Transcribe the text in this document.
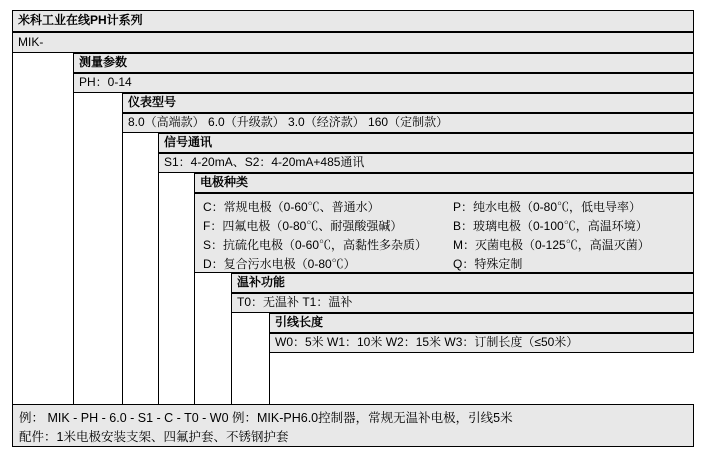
米科工业在线PH计系列
MIK-
测量参数
PH：0-14
仪表型号
8.0（高端款） 6.0（升级款） 3.0（经济款） 160（定制款）
信号通讯
S1：4-20mA、S2：4-20mA+485通讯
电极种类
C：常规电极（0-60℃、普通水）	P：纯水电极（0-80℃，低电导率）
F：四氟电极（0-80℃、耐强酸强碱）	B：玻璃电极（0-100℃，高温环境）
S：抗硫化电极（0-60℃，高黏性多杂质）	M：灭菌电极（0-125℃，高温灭菌）
D：复合污水电极（0-80℃）	Q：特殊定制
温补功能
T0：无温补 T1：温补
引线长度
W0：5米 W1：10米 W2：15米 W3：订制长度（≤50米）
例： MIK - PH - 6.0 - S1 - C - T0 - W0 例：MIK-PH6.0控制器，常规无温补电极，引线5米
配件：1米电极安装支架、四氟护套、不锈钢护套
